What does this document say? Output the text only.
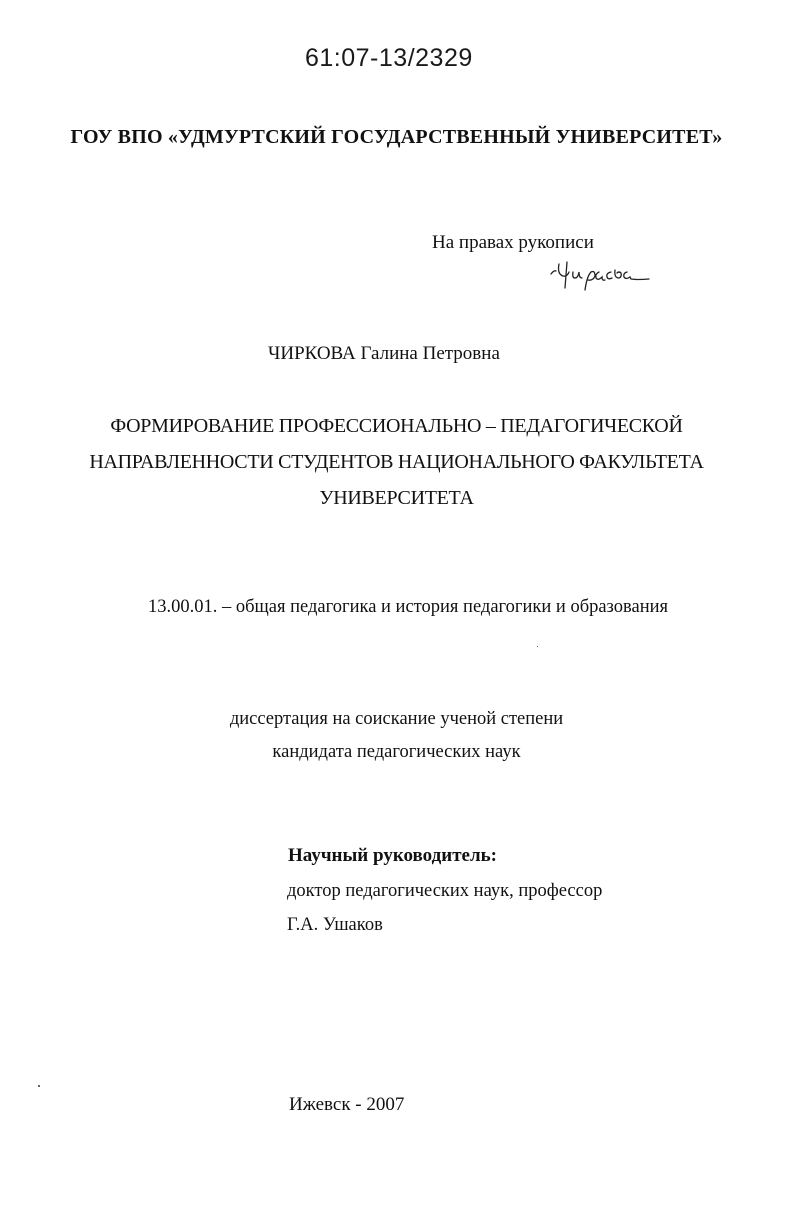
61:07-13/2329
ГОУ ВПО «УДМУРТСКИЙ ГОСУДАРСТВЕННЫЙ УНИВЕРСИТЕТ»
На правах рукописи
ЧИРКОВА Галина Петровна
ФОРМИРОВАНИЕ ПРОФЕССИОНАЛЬНО – ПЕДАГОГИЧЕСКОЙ
НАПРАВЛЕННОСТИ СТУДЕНТОВ НАЦИОНАЛЬНОГО ФАКУЛЬТЕТА
УНИВЕРСИТЕТА
13.00.01. – общая педагогика и история педагогики и образования
диссертация на соискание ученой степени
кандидата педагогических наук
Научный руководитель:
доктор педагогических наук, профессор
Г.А. Ушаков
Ижевск - 2007
